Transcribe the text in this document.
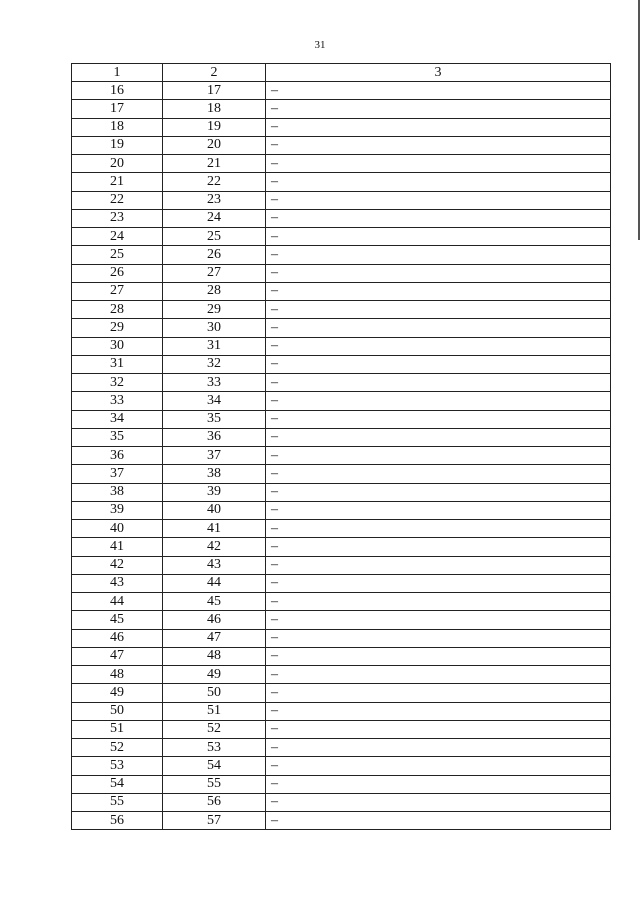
31
1	2	3
16	17	–
17	18	–
18	19	–
19	20	–
20	21	–
21	22	–
22	23	–
23	24	–
24	25	–
25	26	–
26	27	–
27	28	–
28	29	–
29	30	–
30	31	–
31	32	–
32	33	–
33	34	–
34	35	–
35	36	–
36	37	–
37	38	–
38	39	–
39	40	–
40	41	–
41	42	–
42	43	–
43	44	–
44	45	–
45	46	–
46	47	–
47	48	–
48	49	–
49	50	–
50	51	–
51	52	–
52	53	–
53	54	–
54	55	–
55	56	–
56	57	–
